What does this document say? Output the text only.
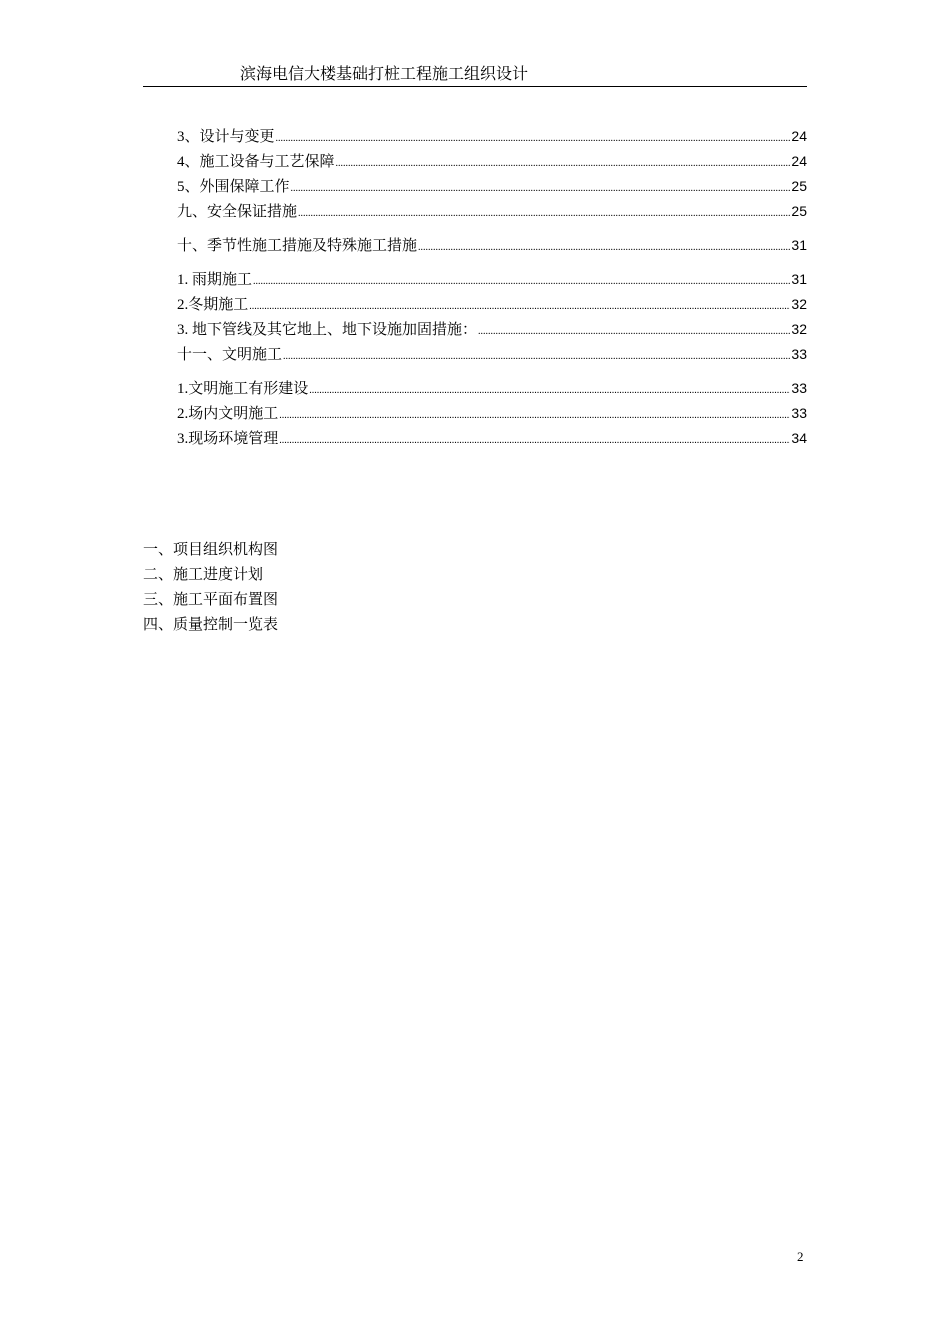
滨海电信大楼基础打桩工程施工组织设计
3、设计与变更 .....	24
4、施工设备与工艺保障 .....	24
5、外围保障工作 .....	25
九、安全保证措施 .....	25
十、季节性施工措施及特殊施工措施 .....	31
1. 雨期施工 .....	31
2.冬期施工 .....	32
3. 地下管线及其它地上、地下设施加固措施： .....	32
十一、文明施工 .....	33
1.文明施工有形建设 .....	33
2.场内文明施工 .....	33
3.现场环境管理 .....	34
一、项目组织机构图
二、施工进度计划
三、施工平面布置图
四、质量控制一览表
2
